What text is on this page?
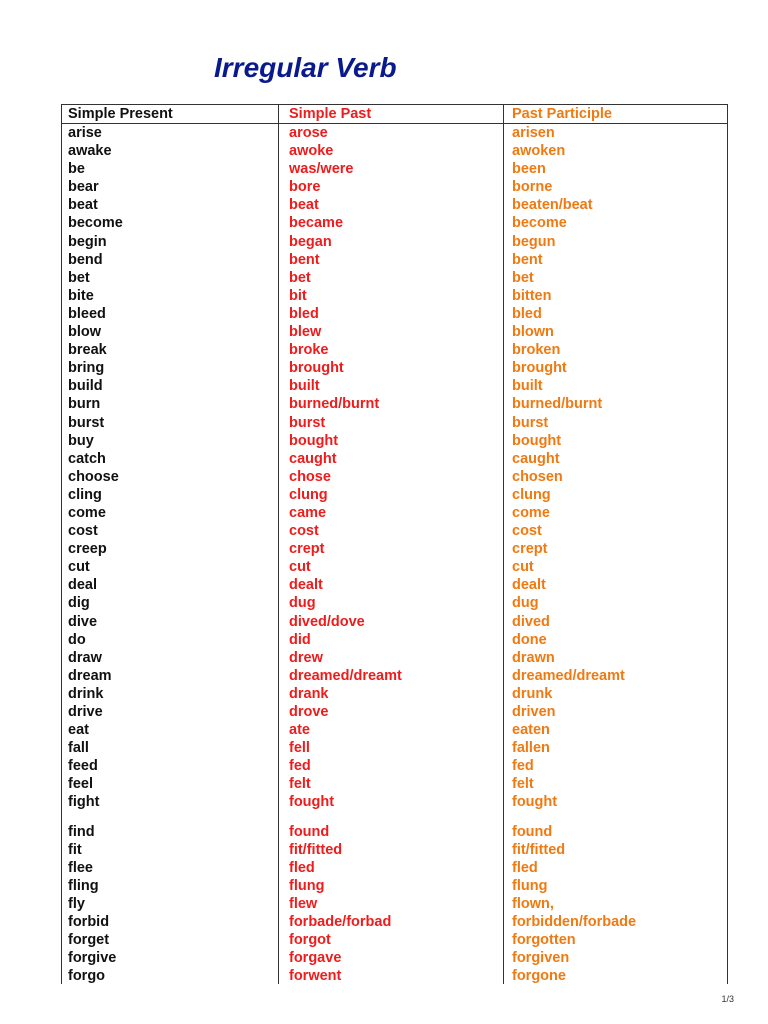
Irregular Verb
Simple Present	Simple Past	Past Participle
arise	arose	arisen
awake	awoke	awoken
be	was/were	been
bear	bore	borne
beat	beat	beaten/beat
become	became	become
begin	began	begun
bend	bent	bent
bet	bet	bet
bite	bit	bitten
bleed	bled	bled
blow	blew	blown
break	broke	broken
bring	brought	brought
build	built	built
burn	burned/burnt	burned/burnt
burst	burst	burst
buy	bought	bought
catch	caught	caught
choose	chose	chosen
cling	clung	clung
come	came	come
cost	cost	cost
creep	crept	crept
cut	cut	cut
deal	dealt	dealt
dig	dug	dug
dive	dived/dove	dived
do	did	done
draw	drew	drawn
dream	dreamed/dreamt	dreamed/dreamt
drink	drank	drunk
drive	drove	driven
eat	ate	eaten
fall	fell	fallen
feed	fed	fed
feel	felt	felt
fight	fought	fought
find	found	found
fit	fit/fitted	fit/fitted
flee	fled	fled
fling	flung	flung
fly	flew	flown,
forbid	forbade/forbad	forbidden/forbade
forget	forgot	forgotten
forgive	forgave	forgiven
forgo	forwent	forgone
1/3
